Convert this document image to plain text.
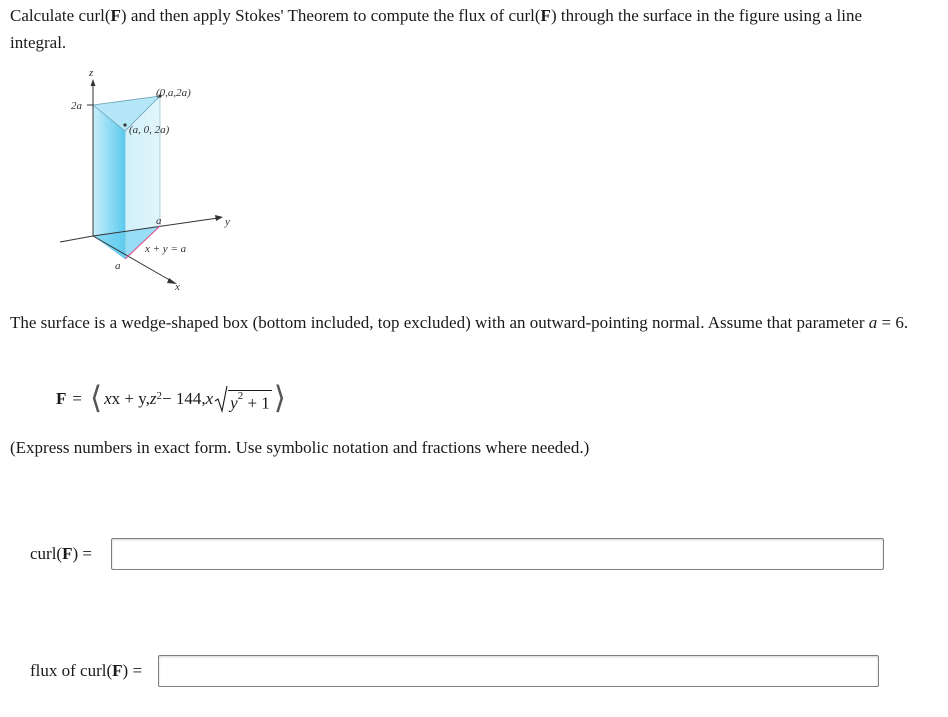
Calculate curl(F) and then apply Stokes' Theorem to compute the flux of curl(F) through the surface in the figure using a line integral.
z
y
x
2a
(0,a,2a)
(a, 0, 2a)
a
a
x + y = a
The surface is a wedge-shaped box (bottom included, top excluded) with an outward-pointing normal. Assume that parameter a = 6.
F = ⟨ x x + y, $z^2 - 144$, x $y^2 + 1$ ⟩
(Express numbers in exact form. Use symbolic notation and fractions where needed.)
curl(F) =
flux of curl(F) =
